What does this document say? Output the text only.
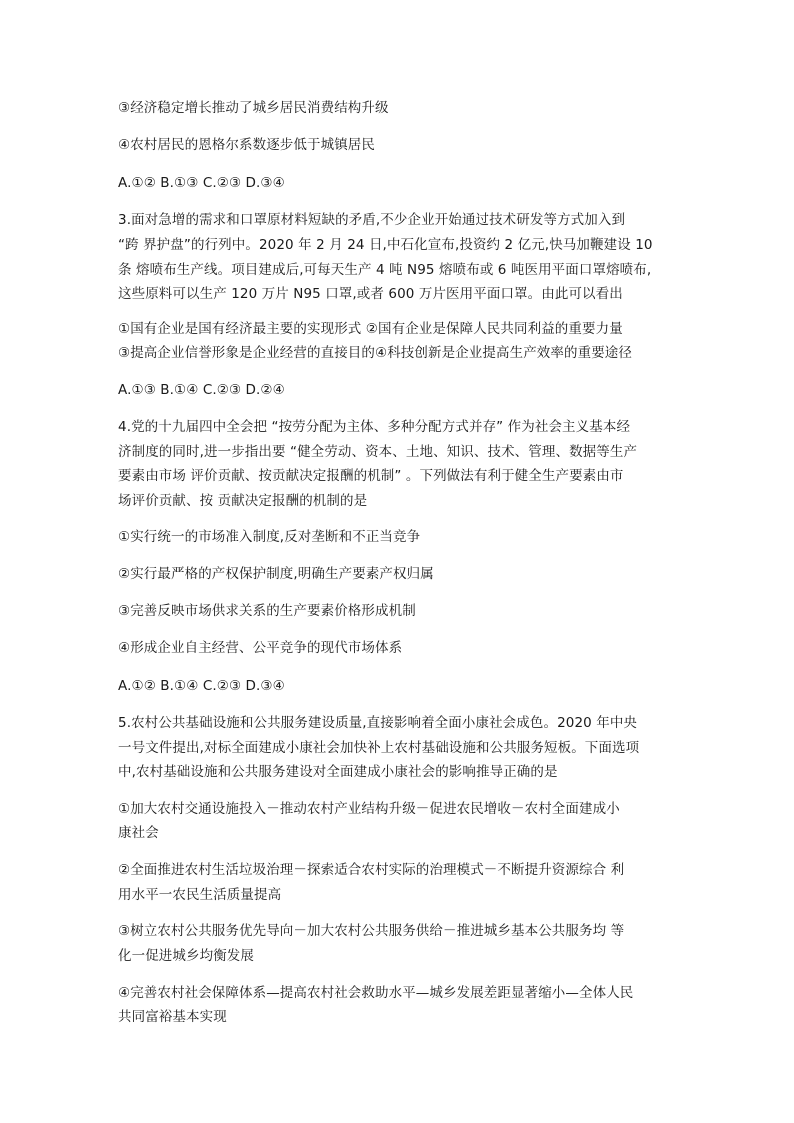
③经济稳定增长推动了城乡居民消费结构升级
④农村居民的恩格尔系数逐步低于城镇居民
A.①② B.①③ C.②③ D.③④
3.面对急增的需求和口罩原材料短缺的矛盾,不少企业开始通过技术研发等方式加入到
“跨 界护盘”的行列中。2020 年 2 月 24 日,中石化宣布,投资约 2 亿元,快马加鞭建设 10
条 熔喷布生产线。项目建成后,可每天生产 4 吨 N95 熔喷布或 6 吨医用平面口罩熔喷布,
这些原料可以生产 120 万片 N95 口罩,或者 600 万片医用平面口罩。由此可以看出
①国有企业是国有经济最主要的实现形式 ②国有企业是保障人民共同利益的重要力量
③提高企业信誉形象是企业经营的直接目的④科技创新是企业提高生产效率的重要途径
A.①③ B.①④ C.②③ D.②④
4.党的十九届四中全会把 “按劳分配为主体、多种分配方式并存” 作为社会主义基本经
济制度的同时,进一步指出要 “健全劳动、资本、土地、知识、技术、管理、数据等生产
要素由市场 评价贡献、按贡献决定报酬的机制” 。下列做法有利于健全生产要素由市
场评价贡献、按 贡献决定报酬的机制的是
①实行统一的市场准入制度,反对垄断和不正当竞争
②实行最严格的产权保护制度,明确生产要素产权归属
③完善反映市场供求关系的生产要素价格形成机制
④形成企业自主经营、公平竞争的现代市场体系
A.①② B.①④ C.②③ D.③④
5.农村公共基础设施和公共服务建设质量,直接影响着全面小康社会成色。2020 年中央
一号文件提出,对标全面建成小康社会加快补上农村基础设施和公共服务短板。下面选项
中,农村基础设施和公共服务建设对全面建成小康社会的影响推导正确的是
①加大农村交通设施投入－推动农村产业结构升级－促进农民增收－农村全面建成小
康社会
②全面推进农村生活垃圾治理－探索适合农村实际的治理模式－不断提升资源综合 利
用水平一农民生活质量提高
③树立农村公共服务优先导向－加大农村公共服务供给－推进城乡基本公共服务均 等
化一促进城乡均衡发展
④完善农村社会保障体系—提高农村社会救助水平—城乡发展差距显著缩小—全体人民
共同富裕基本实现
